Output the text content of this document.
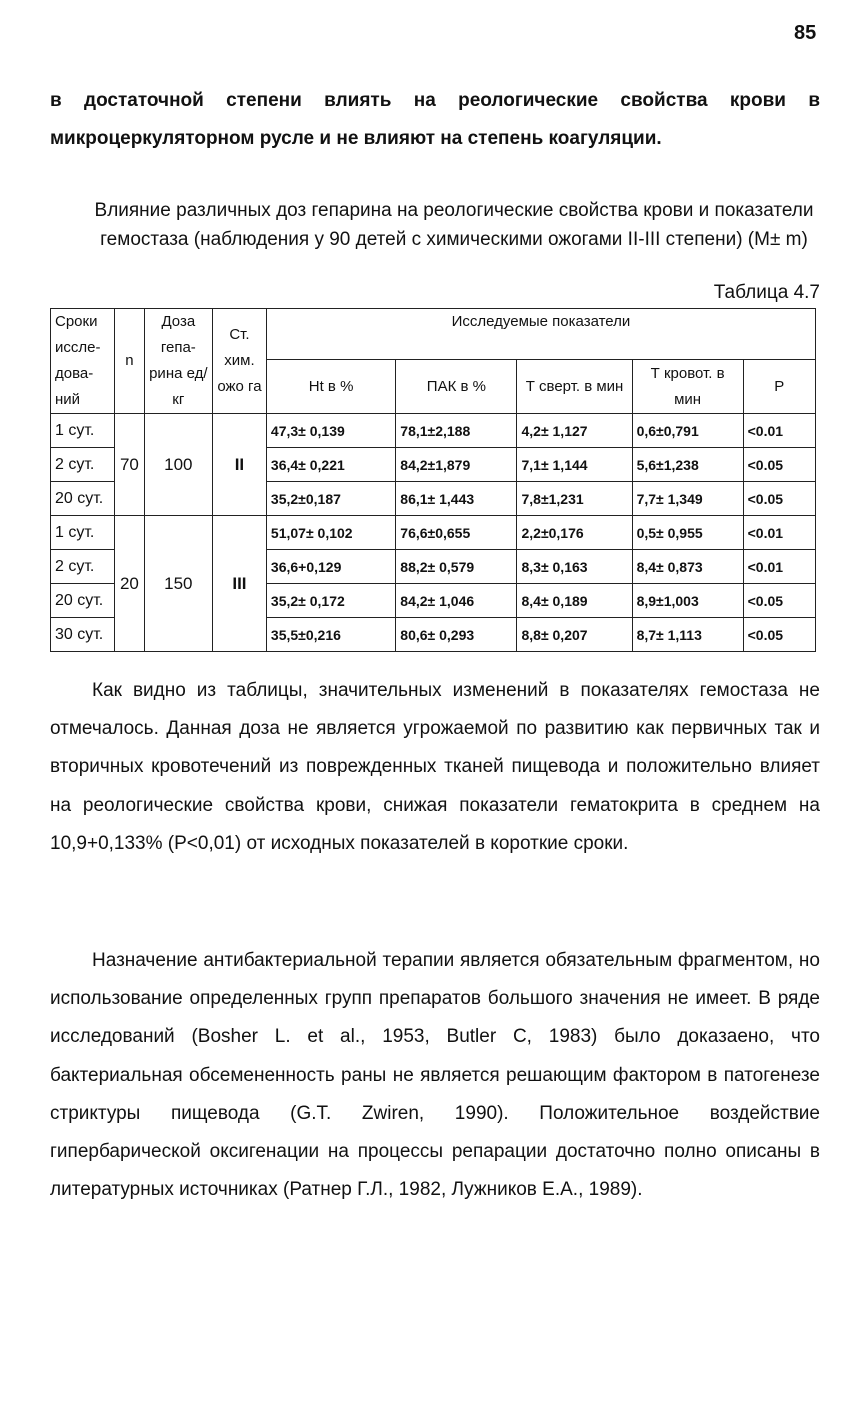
85

в достаточной степени влиять на реологические свойства крови в микроцеркуляторном русле и не влияют на степень коагуляции.

Влияние различных доз гепарина на реологические свойства крови и показатели гемостаза (наблюдения у 90 детей с химическими ожогами II-III степени) (M± m)

Таблица 4.7
Сроки иссле- дова- ний	n	Доза гепа- рина ед/кг	Ст. хим. ожо га	Исследуемые показатели				
				Ht в %	ПАК в %	Т сверт. в мин	Т кровот. в мин	P
1 сут.	70	100	II	47,3± 0,139	78,1±2,188	4,2± 1,127	0,6±0,791	<0.01
2 сут.				36,4± 0,221	84,2±1,879	7,1± 1,144	5,6±1,238	<0.05
20 сут.				35,2±0,187	86,1± 1,443	7,8±1,231	7,7± 1,349	<0.05
1 сут.	20	150	III	51,07± 0,102	76,6±0,655	2,2±0,176	0,5± 0,955	<0.01
2 сут.				36,6+0,129	88,2± 0,579	8,3± 0,163	8,4± 0,873	<0.01
20 сут.				35,2± 0,172	84,2± 1,046	8,4± 0,189	8,9±1,003	<0.05
30 сут.				35,5±0,216	80,6± 0,293	8,8± 0,207	8,7± 1,113	<0.05

Как видно из таблицы, значительных изменений в показателях гемостаза не отмечалось. Данная доза не является угрожаемой по развитию как первичных так и вторичных кровотечений из поврежденных тканей пищевода и положительно влияет на реологические свойства крови, снижая показатели гематокрита в среднем на 10,9+0,133% (P<0,01) от исходных показателей в короткие сроки.

Назначение антибактериальной терапии является обязательным фрагментом, но использование определенных групп препаратов большого значения не имеет. В ряде исследований (Bosher L. et al., 1953, Butler C, 1983) было доказаено, что бактериальная обсемененность раны не является решающим фактором в патогенезе стриктуры пищевода (G.T. Zwiren, 1990). Положительное воздействие гипербарической оксигенации на процессы репарации достаточно полно описаны в литературных источниках (Ратнер Г.Л., 1982, Лужников Е.А., 1989).
